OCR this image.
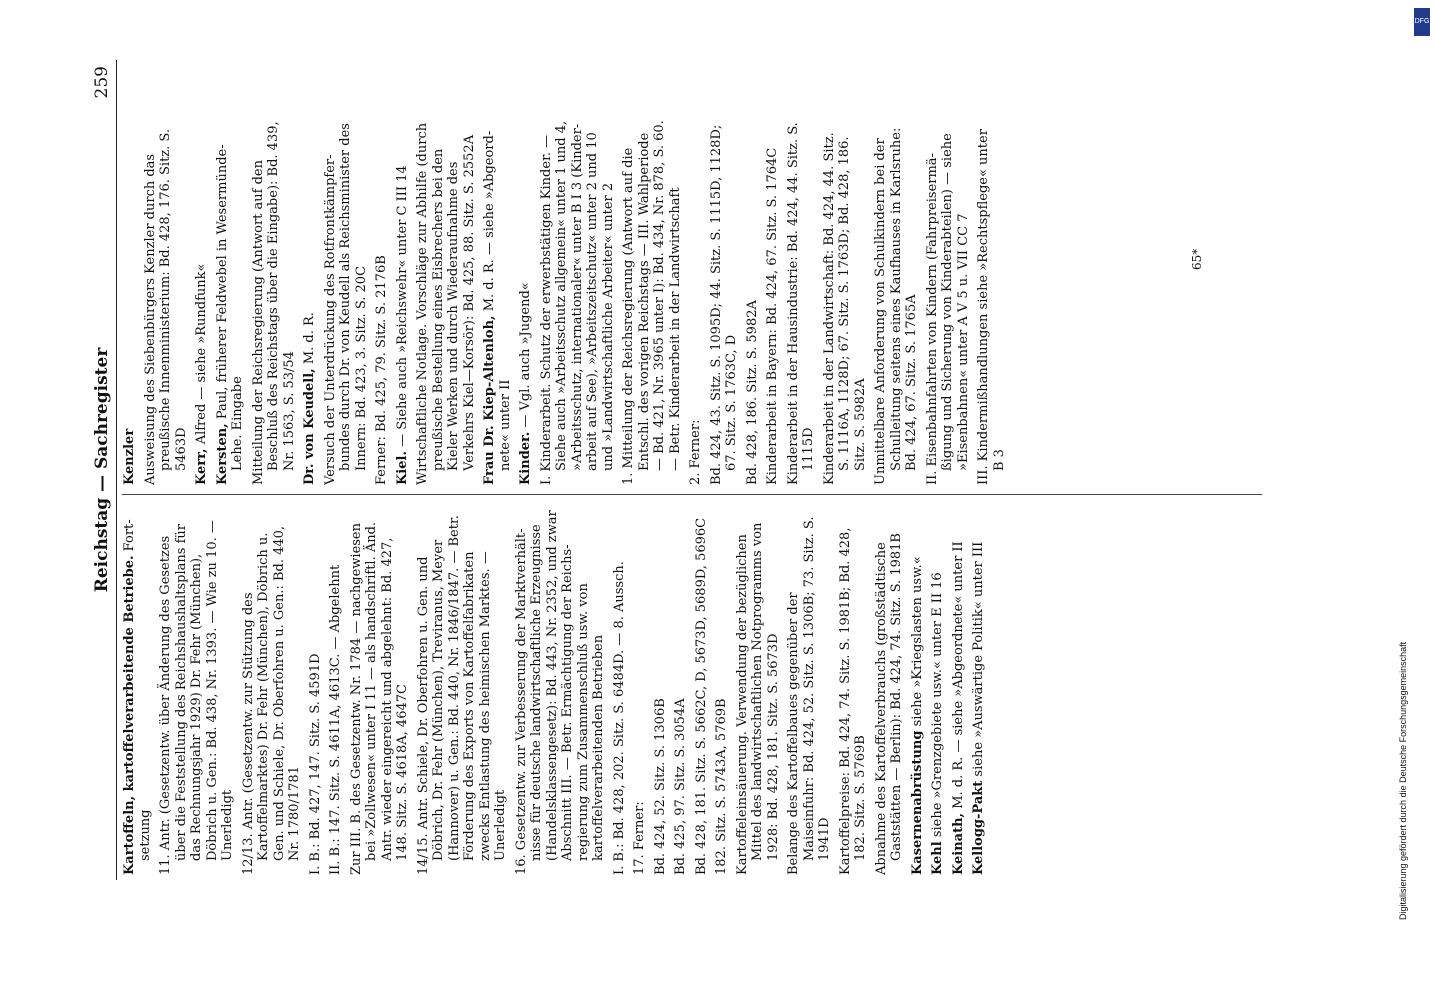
Reichstag — Sachregister
259
Kartoffeln, kartoffelverarbeitende Betriebe. Fortsetzung 11. Antr. (Gesetzentw. über Änderung des Gesetzes über die Feststellung des Reichshaushaltsplans für das Rechnungsjahr 1929) Dr. Fehr (München), Döbrich u. Gen.: Bd. 438, Nr. 1393. — Wie zu 10. — Unerledigt 12/13. Antr. (Gesetzentw. zur Stützung des Kartoffelmarktes) Dr. Fehr (München), Döbrich u. Gen. und Schiele, Dr. Oberfohren u. Gen.: Bd. 440, Nr. 1780/1781 I. B.: Bd. 427, 147. Sitz. S. 4591D II. B.: 147. Sitz. S. 4611A, 4613C. — Abgelehnt Zur III. B. des Gesetzentw. Nr. 1784 — nachgewiesen bei »Zollwesen« unter I 11 — als handschriftl. Änd. Antr. wieder eingereicht und abgelehnt: Bd. 427, 148. Sitz. S. 4618A, 4647C 14/15. Antr. Schiele, Dr. Oberfohren u. Gen. und Döbrich, Dr. Fehr (München), Treviranus, Meyer (Hannover) u. Gen.: Bd. 440, Nr. 1846/1847. — Betr. Förderung des Exports von Kartoffelfabrikaten zwecks Entlastung des heimischen Marktes. — Unerledigt 16. Gesetzentw. zur Verbesserung der Marktverhältnisse für deutsche landwirtschaftliche Erzeugnisse (Handelsklassengesetz): Bd. 443, Nr. 2352, und zwar Abschnitt III. — Betr. Ermächtigung der Reichsregierung zum Zusammenschluß usw. von kartoffelverarbeitenden Betrieben I. B.: Bd. 428, 202. Sitz. S. 6484D. — 8. Aussch. 17. Ferner: Bd. 424, 52. Sitz. S. 1306B Bd. 425, 97. Sitz. S. 3054A Bd. 428, 181. Sitz. S. 5662C, D, 5673D, 5689D, 5696C 182. Sitz. S. 5743A, 5769B Kartoffeleinsäuerung. Verwendung der bezüglichen Mittel des landwirtschaftlichen Notprogramms von 1928: Bd. 428, 181. Sitz. S. 5673D Belange des Kartoffelbaues gegenüber der Maiseinfuhr: Bd. 424, 52. Sitz. S. 1306B; 73. Sitz. S. 1941D Kartoffelpreise: Bd. 424, 74. Sitz. S. 1981B; Bd. 428, 182. Sitz. S. 5769B Abnahme des Kartoffelverbrauchs (großstädtische Gaststätten — Berlin): Bd. 424, 74. Sitz. S. 1981B Kasernenabrüstung siehe »Kriegslasten usw.«
Kehl siehe »Grenzgebiete usw.« unter E II 16
Keinath, M. d. R. — siehe »Abgeordnete« unter II
Kellogg-Pakt siehe »Auswärtige Politik« unter III
Kenzler Ausweisung des Siebenbürgers Kenzler durch das preußische Innenministerium: Bd. 428, 176. Sitz. S. 5463D Kerr, Alfred — siehe »Rundfunk«
Kersten, Paul, früherer Feldwebel in Wesermünde-Lehe. Eingabe Mitteilung der Reichsregierung (Antwort auf den Beschluß des Reichstags über die Eingabe): Bd. 439, Nr. 1563, S. 53/54 Dr. von Keudell, M. d. R. Versuch der Unterdrückung des Rotfrontkämpferbundes durch Dr. von Keudell als Reichsminister des Innern: Bd. 423, 3. Sitz. S. 20C Ferner: Bd. 425, 79. Sitz. S. 2176B Kiel. — Siehe auch »Reichswehr« unter C III 14 Wirtschaftliche Notlage. Vorschläge zur Abhilfe (durch preußische Bestellung eines Eisbrechers bei den Kieler Werken und durch Wiederaufnahme des Verkehrs Kiel—Korsör): Bd. 425, 88. Sitz. S. 2552A Frau Dr. Kiep-Altenloh, M. d. R. — siehe »Abgeordnete« unter II Kinder. — Vgl. auch »Jugend« I. Kinderarbeit. Schutz der erwerbstätigen Kinder. — Siehe auch »Arbeitsschutz allgemein« unter 1 und 4, »Arbeitsschutz, internationaler« unter B I 3 (Kinderarbeit auf See), »Arbeitszeitschutz« unter 2 und 10 und »Landwirtschaftliche Arbeiter« unter 2 1. Mitteilung der Reichsregierung (Antwort auf die Entschl. des vorigen Reichstags — III. Wahlperiode — Bd. 421, Nr. 3965 unter I): Bd. 434, Nr. 878, S. 60. — Betr. Kinderarbeit in der Landwirtschaft 2. Ferner: Bd. 424, 43. Sitz. S. 1095D; 44. Sitz. S. 1115D, 1128D; 67. Sitz. S. 1763C, D Bd. 428, 186. Sitz. S. 5982A Kinderarbeit in Bayern: Bd. 424, 67. Sitz. S. 1764C Kinderarbeit in der Hausindustrie: Bd. 424, 44. Sitz. S. 1115D Kinderarbeit in der Landwirtschaft: Bd. 424, 44. Sitz. S. 1116A, 1128D; 67. Sitz. S. 1763D; Bd. 428, 186. Sitz. S. 5982A Unmittelbare Anforderung von Schulkindern bei der Schulleitung seitens eines Kaufhauses in Karlsruhe: Bd. 424, 67. Sitz. S. 1765A II. Eisenbahnfahrten von Kindern (Fahrpreisermäßigung und Sicherung von Kinderabteilen) — siehe »Eisenbahnen« unter A V 5 u. VII CC 7 III. Kindermißhandlungen siehe »Rechtspflege« unter B 3
65*
Digitalisierung gefördert durch die Deutsche Forschungsgemeinschaft
DFG
